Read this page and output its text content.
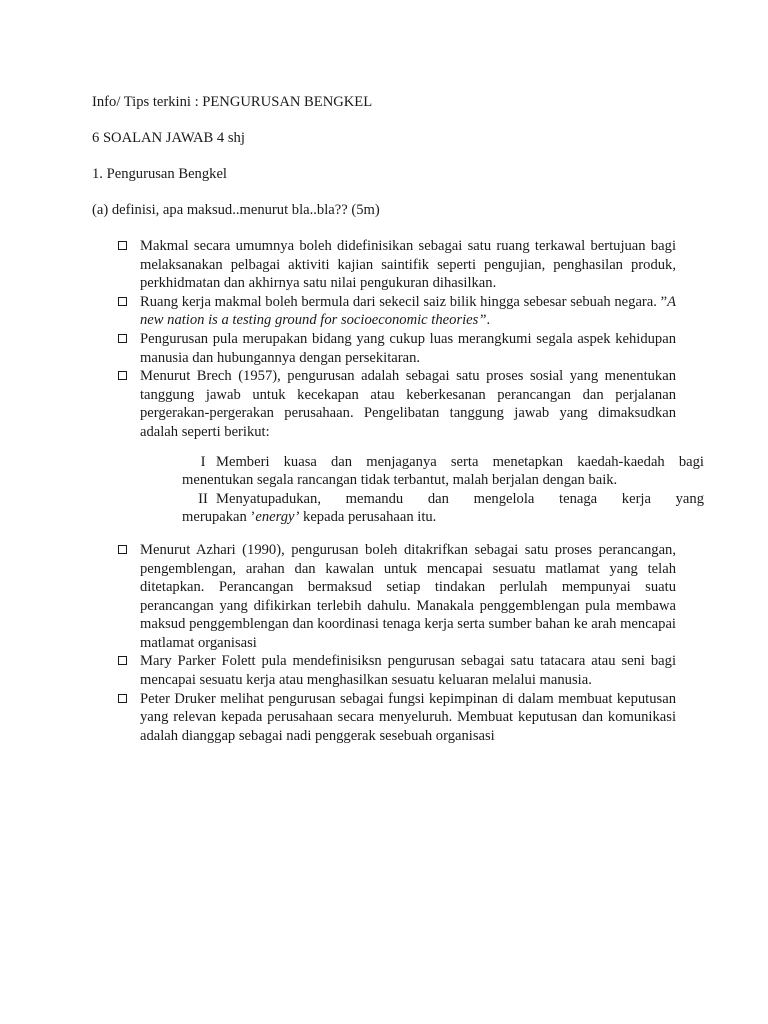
Info/ Tips terkini : PENGURUSAN BENGKEL
6 SOALAN JAWAB 4 shj
1. Pengurusan Bengkel
(a) definisi, apa maksud..menurut bla..bla?? (5m)
Makmal secara umumnya boleh didefinisikan sebagai satu ruang terkawal bertujuan bagi melaksanakan pelbagai aktiviti kajian saintifik seperti pengujian, penghasilan produk, perkhidmatan dan akhirnya satu nilai pengukuran dihasilkan.
Ruang kerja makmal boleh bermula dari sekecil saiz bilik hingga sebesar sebuah negara. ”A new nation is a testing ground for socioeconomic theories”.
Pengurusan pula merupakan bidang yang cukup luas merangkumi segala aspek kehidupan manusia dan hubungannya dengan persekitaran.
Menurut Brech (1957), pengurusan adalah sebagai satu proses sosial yang menentukan tanggung jawab untuk kecekapan atau keberkesanan perancangan dan perjalanan pergerakan-pergerakan perusahaan. Pengelibatan tanggung jawab yang dimaksudkan adalah seperti berikut:
I Memberi kuasa dan menjaganya serta menetapkan kaedah-kaedah bagi
menentukan segala rancangan tidak terbantut, malah berjalan dengan baik.
II Menyatupadukan, memandu dan mengelola tenaga kerja yang
merupakan ’energy’ kepada perusahaan itu.
Menurut Azhari (1990), pengurusan boleh ditakrifkan sebagai satu proses perancangan, pengemblengan, arahan dan kawalan untuk mencapai sesuatu matlamat yang telah ditetapkan. Perancangan bermaksud setiap tindakan perlulah mempunyai suatu perancangan yang difikirkan terlebih dahulu. Manakala penggemblengan pula membawa maksud penggemblengan dan koordinasi tenaga kerja serta sumber bahan ke arah mencapai matlamat organisasi
Mary Parker Folett pula mendefinisiksn pengurusan sebagai satu tatacara atau seni bagi mencapai sesuatu kerja atau menghasilkan sesuatu keluaran melalui manusia.
Peter Druker melihat pengurusan sebagai fungsi kepimpinan di dalam membuat keputusan yang relevan kepada perusahaan secara menyeluruh. Membuat keputusan dan komunikasi adalah dianggap sebagai nadi penggerak sesebuah organisasi
